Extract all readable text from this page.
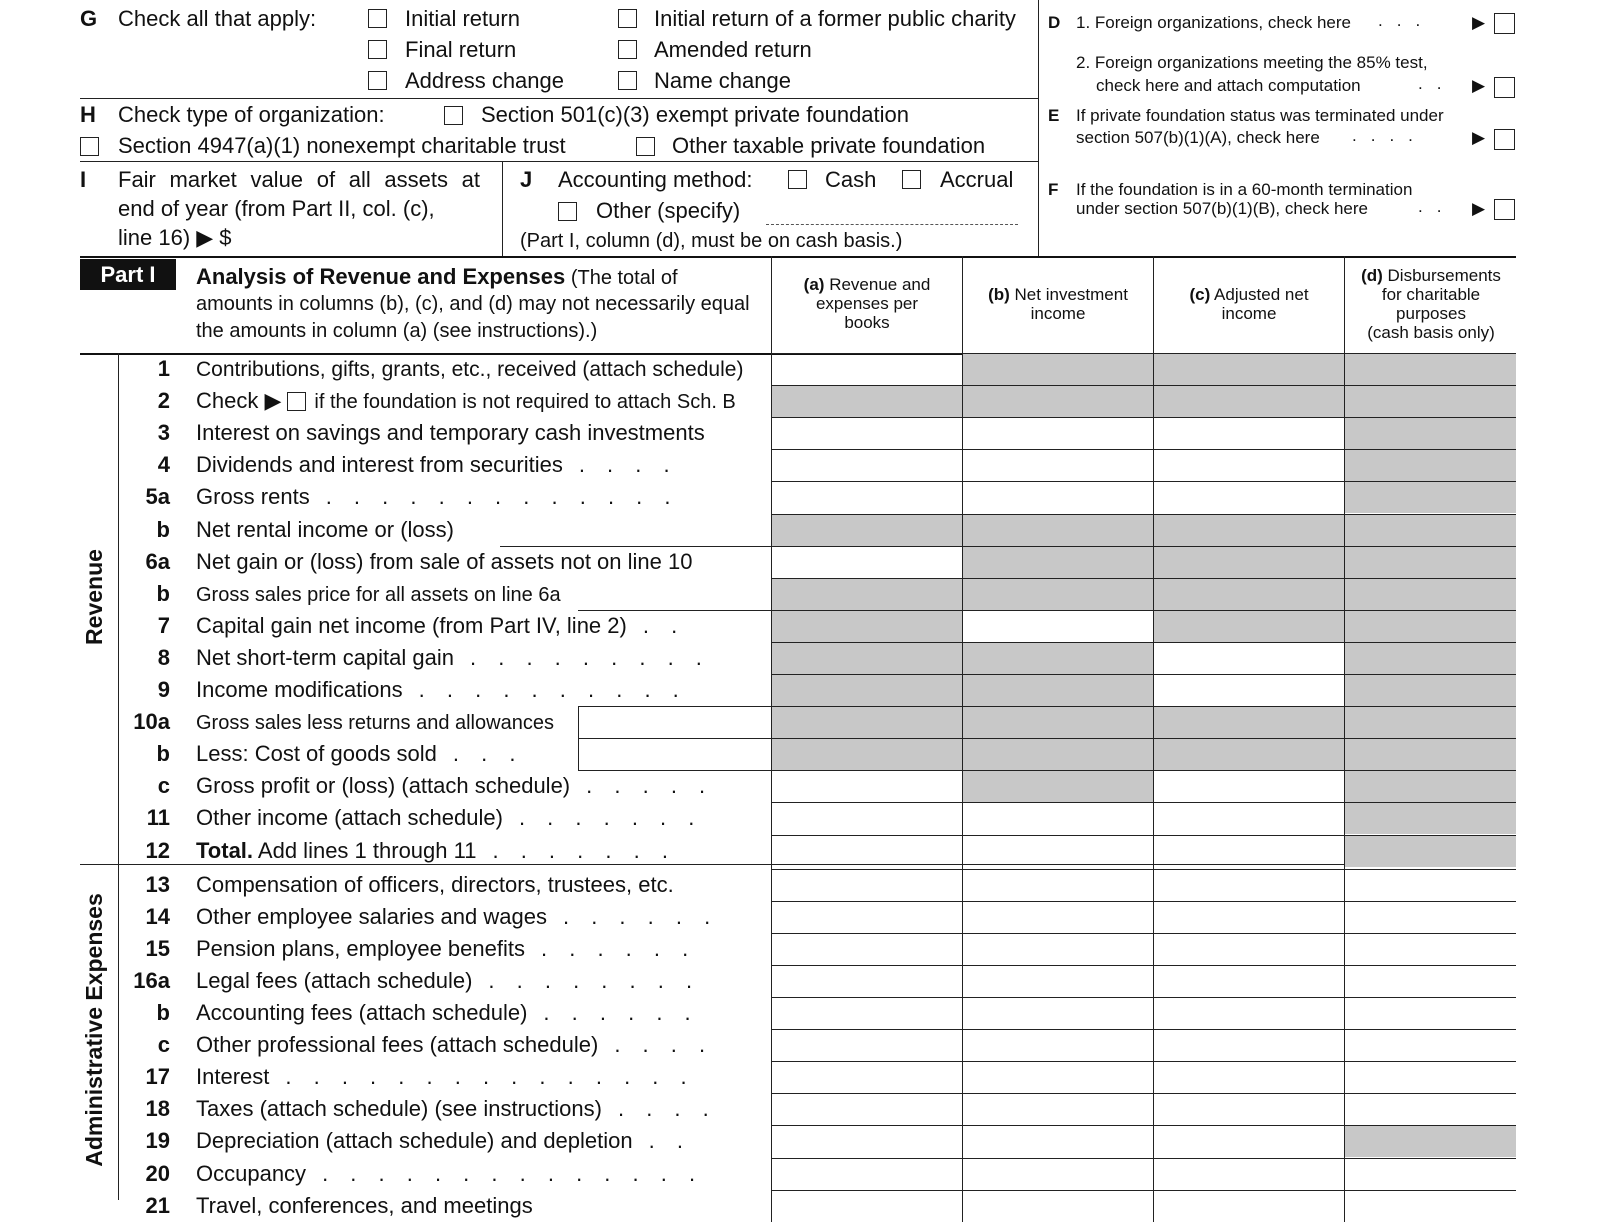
G Check all that apply:	Initial return	Initial return of a former public charity
Final return	Amended return
Address change	Name change
H Check type of organization:	Section 501(c)(3) exempt private foundation
Section 4947(a)(1) nonexempt charitable trust	Other taxable private foundation
I Fair market value of all assets at
end of year (from Part II, col. (c),
line 16) ▶ $
J Accounting method:	Cash	Accrual
Other (specify)
(Part I, column (d), must be on cash basis.)
D 1. Foreign organizations, check here ... ▶
2. Foreign organizations meeting the 85% test,
check here and attach computation	.. ▶
E If private foundation status was terminated under
section 507(b)(1)(A), check here ....	▶
F If the foundation is in a 60-month termination
under section 507(b)(1)(B), check here	.. ▶
Part I	Analysis of Revenue and Expenses (The total of
amounts in columns (b), (c), and (d) may not necessarily equal
the amounts in column (a) (see instructions).)
(a) Revenue and
expenses per
books
(b) Net investment
income
(c) Adjusted net
income
(d) Disbursements
for charitable
purposes
(cash basis only)
Revenue
Administrative Expenses
1 Contributions, gifts, grants, etc., received (attach schedule)
2 Check ▶ if the foundation is not required to attach Sch. B
3 Interest on savings and temporary cash investments
4 Dividends and interest from securities . . . .
5a Gross rents . . . . . . . . . . . . .
b Net rental income or (loss)
6a Net gain or (loss) from sale of assets not on line 10
b Gross sales price for all assets on line 6a
7 Capital gain net income (from Part IV, line 2) . .
8 Net short-term capital gain . . . . . . . . .
9 Income modifications . . . . . . . . . .
10a Gross sales less returns and allowances
b Less: Cost of goods sold . . .
c Gross profit or (loss) (attach schedule) . . . . .
11 Other income (attach schedule) . . . . . . .
12 Total. Add lines 1 through 11 . . . . . . .
13 Compensation of officers, directors, trustees, etc.
14 Other employee salaries and wages . . . . . .
15 Pension plans, employee benefits . . . . . .
16a Legal fees (attach schedule) . . . . . . . .
b Accounting fees (attach schedule) . . . . . .
c Other professional fees (attach schedule) . . . .
17 Interest . . . . . . . . . . . . . . .
18 Taxes (attach schedule) (see instructions) . . . .
19 Depreciation (attach schedule) and depletion . .
20 Occupancy . . . . . . . . . . . . . .
21 Travel, conferences, and meetings
